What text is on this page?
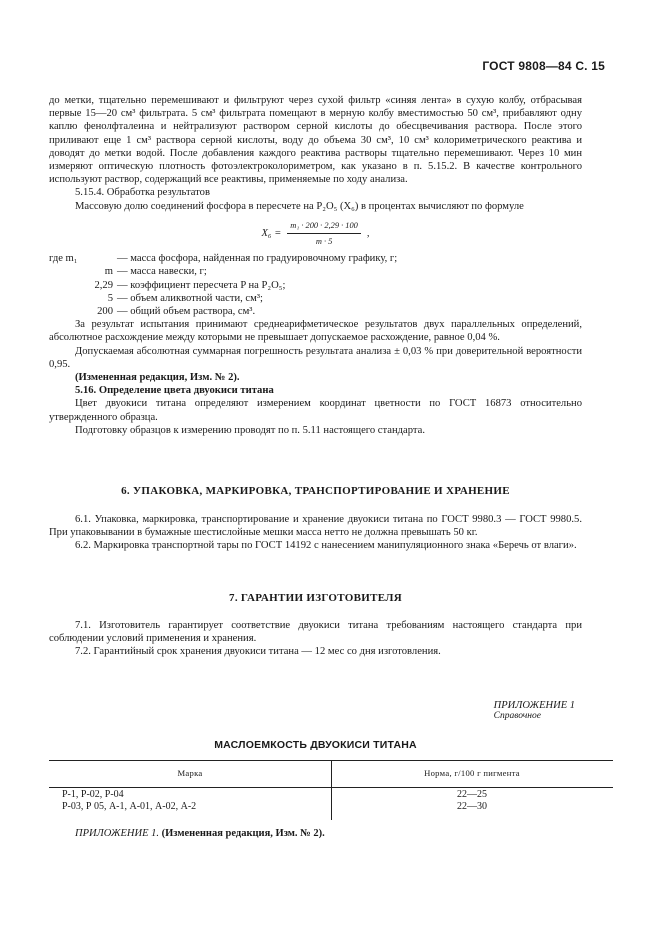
ГОСТ 9808—84 С. 15

до метки, тщательно перемешивают и фильтруют через сухой фильтр «синяя лента» в сухую колбу, отбрасывая первые 15—20 см³ фильтрата. 5 см³ фильтрата помещают в мерную колбу вместимостью 50 см³, прибавляют одну каплю фенолфталеина и нейтрализуют раствором серной кислоты до обесцвечивания раствора. После этого приливают еще 1 см³ раствора серной кислоты, воду до объема 30 см³, 10 см³ колориметрического реактива и доводят до метки водой. После добавления каждого реактива растворы тщательно перемешивают. Через 10 мин измеряют оптическую плотность фотоэлектроколориметром, как указано в п. 5.15.2. В качестве контрольного используют раствор, содержащий все реактивы, применяемые по ходу анализа.

5.15.4. Обработка результатов

Массовую долю соединений фосфора в пересчете на P₂O₅ (X₆) в процентах вычисляют по формуле

$X_6 = \frac{\text{m₁ · 200 · 2,29 · 100}}{m \cdot 5}$ ,
где m₁	— масса фосфора, найденная по градуировочному графику, г;
m — масса навески, г;
2,29 — коэффициент пересчета P на P₂O₅;
5 — объем аликвотной части, см³;
200 — общий объем раствора, см³.

За результат испытания принимают среднеарифметическое результатов двух параллельных определений, абсолютное расхождение между которыми не превышает допускаемое расхождение, равное 0,04 %.

Допускаемая абсолютная суммарная погрешность результата анализа ± 0,03 % при доверительной вероятности 0,95.

(Измененная редакция, Изм. № 2).

5.16. Определение цвета двуокиси титана

Цвет двуокиси титана определяют измерением координат цветности по ГОСТ 16873 относительно утвержденного образца.

Подготовку образцов к измерению проводят по п. 5.11 настоящего стандарта.

6. УПАКОВКА, МАРКИРОВКА, ТРАНСПОРТИРОВАНИЕ И ХРАНЕНИЕ

6.1. Упаковка, маркировка, транспортирование и хранение двуокиси титана по ГОСТ 9980.3 — ГОСТ 9980.5. При упаковывании в бумажные шестислойные мешки масса нетто не должна превышать 50 кг.

6.2. Маркировка транспортной тары по ГОСТ 14192 с нанесением манипуляционного знака «Беречь от влаги».

7. ГАРАНТИИ ИЗГОТОВИТЕЛЯ

7.1. Изготовитель гарантирует соответствие двуокиси титана требованиям настоящего стандарта при соблюдении условий применения и хранения.

7.2. Гарантийный срок хранения двуокиси титана — 12 мес со дня изготовления.

ПРИЛОЖЕНИЕ 1
Справочное
МАСЛОЕМКОСТЬ ДВУОКИСИ ТИТАНА
Марка	Норма, г/100 г пигмента
Р-1, Р-02, Р-04	22—25
Р-03, Р 05, А-1, А-01, А-02, А-2	22—30
ПРИЛОЖЕНИЕ 1. (Измененная редакция, Изм. № 2).
